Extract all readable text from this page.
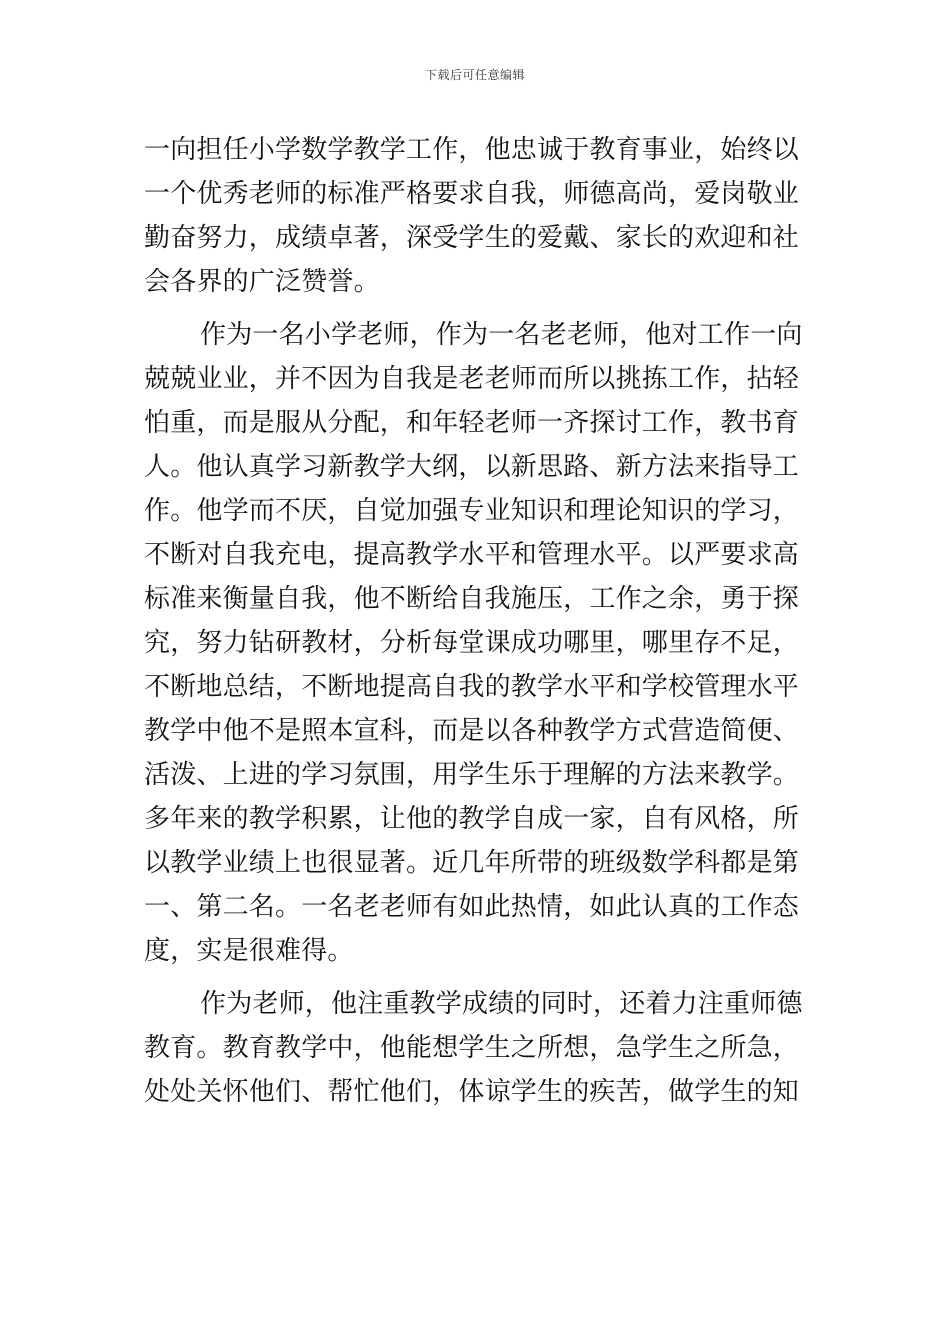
下载后可任意编辑
一向担任小学数学教学工作，他忠诚于教育事业，始终以
一个优秀老师的标准严格要求自我，师德高尚，爱岗敬业
勤奋努力，成绩卓著，深受学生的爱戴、家长的欢迎和社
会各界的广泛赞誉。
作为一名小学老师，作为一名老老师，他对工作一向
兢兢业业，并不因为自我是老老师而所以挑拣工作，拈轻
怕重，而是服从分配，和年轻老师一齐探讨工作，教书育
人。他认真学习新教学大纲，以新思路、新方法来指导工
作。他学而不厌，自觉加强专业知识和理论知识的学习，
不断对自我充电，提高教学水平和管理水平。以严要求高
标准来衡量自我，他不断给自我施压，工作之余，勇于探
究，努力钻研教材，分析每堂课成功哪里，哪里存不足，
不断地总结，不断地提高自我的教学水平和学校管理水平
教学中他不是照本宣科，而是以各种教学方式营造简便、
活泼、上进的学习氛围，用学生乐于理解的方法来教学。
多年来的教学积累，让他的教学自成一家，自有风格，所
以教学业绩上也很显著。近几年所带的班级数学科都是第
一、第二名。一名老老师有如此热情，如此认真的工作态
度，实是很难得。
作为老师，他注重教学成绩的同时，还着力注重师德
教育。教育教学中，他能想学生之所想，急学生之所急，
处处关怀他们、帮忙他们，体谅学生的疾苦，做学生的知
